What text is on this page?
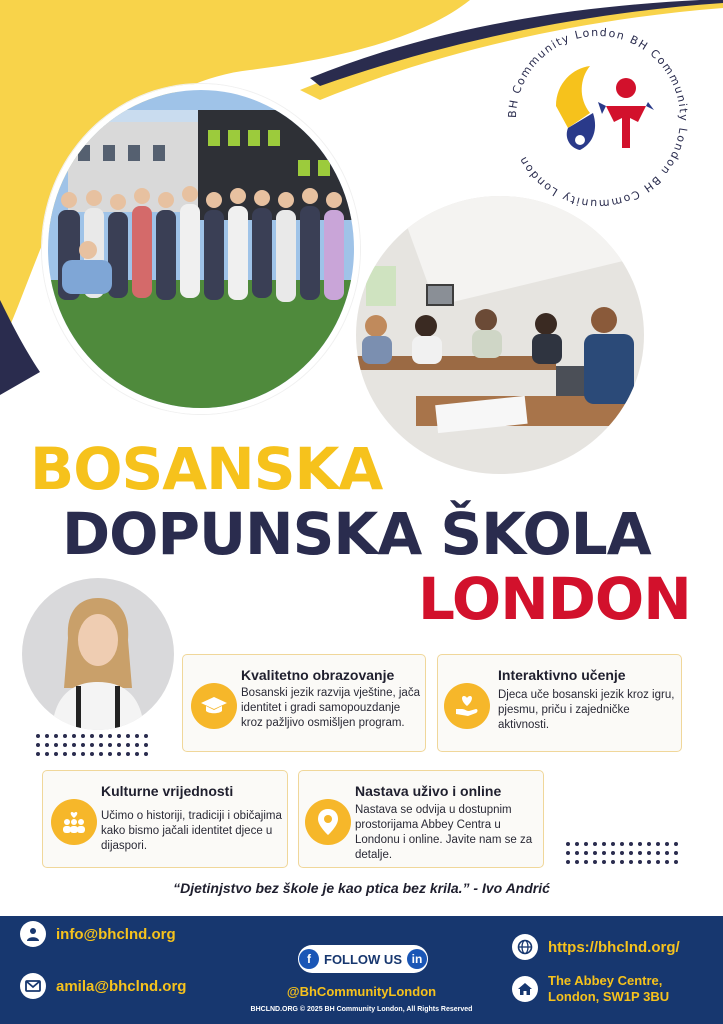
BH Community London BH Community London BH Community London
BOSANSKA
DOPUNSKA ŠKOLA
LONDON
Kvalitetno obrazovanje
Bosanski jezik razvija vještine, jača identitet i gradi samopouzdanje kroz pažljivo osmišljen program.
Interaktivno učenje
Djeca uče bosanski jezik kroz igru, pjesmu, priču i zajedničke aktivnosti.
Kulturne vrijednosti
Učimo o historiji, tradiciji i običajima kako bismo jačali identitet djece u dijaspori.
Nastava uživo i online
Nastava se odvija u dostupnim prostorijama Abbey Centra u Londonu i online. Javite nam se za detalje.
“Djetinjstvo bez škole je kao ptica bez krila.” - Ivo Andrić
info@bhclnd.org
amila@bhclnd.org
f	FOLLOW US in
@BhCommunityLondon
BHCLND.ORG © 2025 BH Community London, All Rights Reserved
https://bhclnd.org/
The Abbey Centre,
London, SW1P 3BU
